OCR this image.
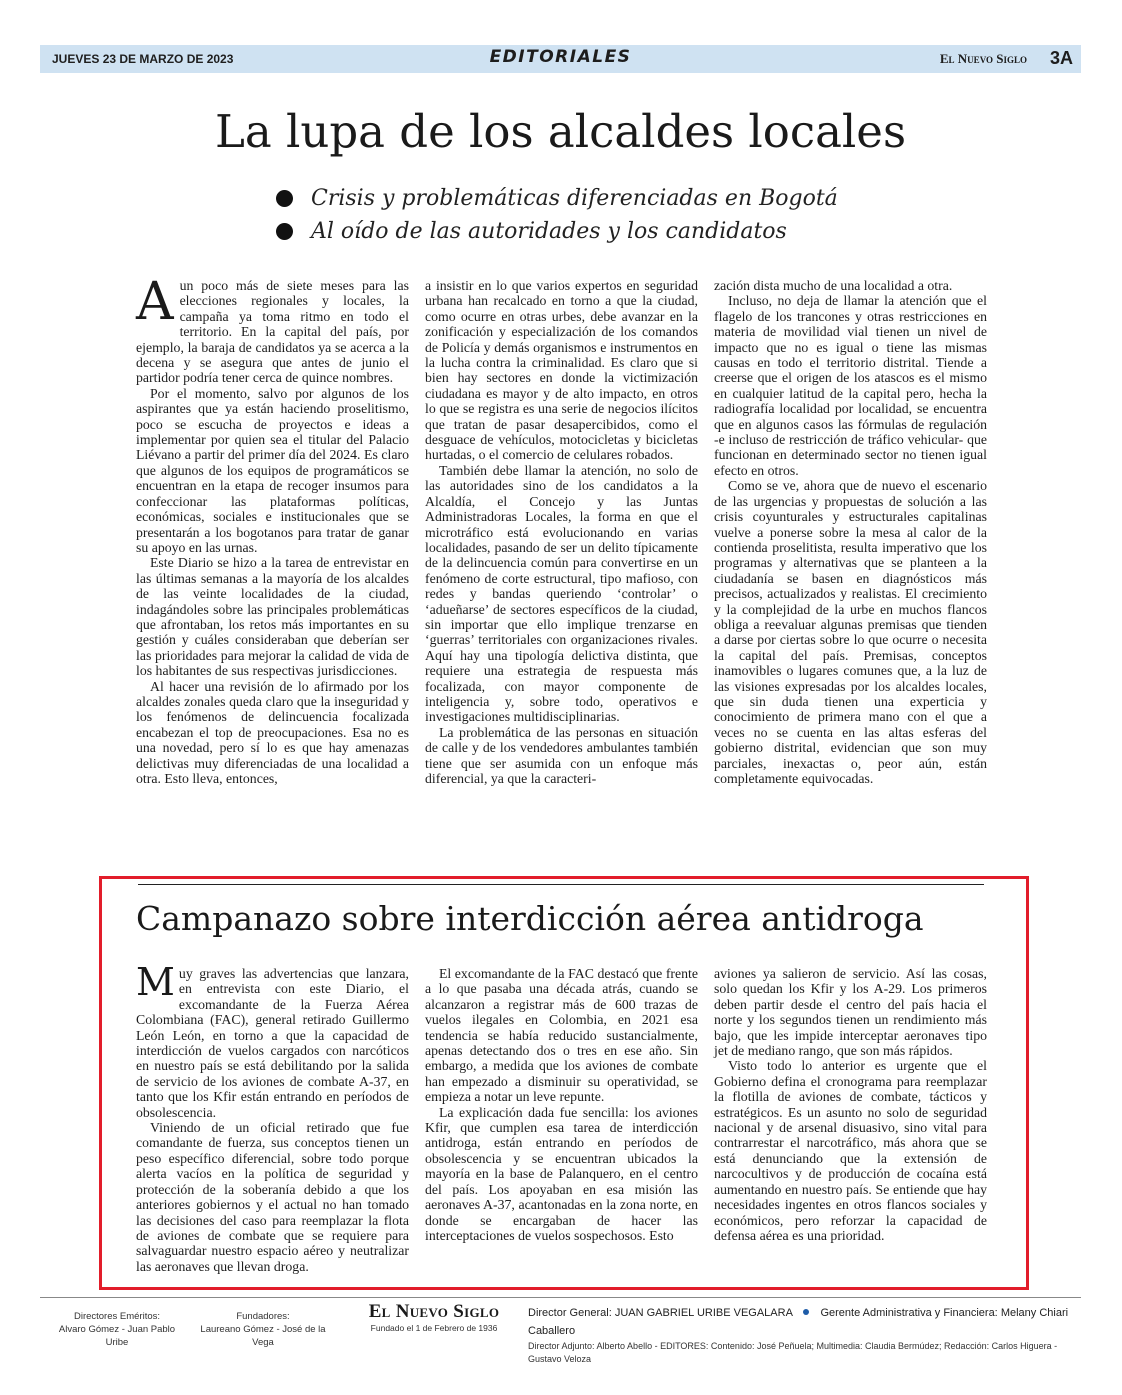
JUEVES 23 DE MARZO DE 2023	EDITORIALES	El Nuevo Siglo 3A
La lupa de los alcaldes locales
Crisis y problemáticas diferenciadas en Bogotá
Al oído de las autoridades y los candidatos

Aun poco más de siete meses para las elecciones regionales y locales, la campaña ya toma ritmo en todo el territorio. En la capital del país, por ejemplo, la baraja de candidatos ya se acerca a la decena y se asegura que antes de junio el partidor podría tener cerca de quince nombres.

Por el momento, salvo por algunos de los aspirantes que ya están haciendo proselitismo, poco se escucha de proyectos e ideas a implementar por quien sea el titular del Palacio Liévano a partir del primer día del 2024. Es claro que algunos de los equipos de programáticos se encuentran en la etapa de recoger insumos para confeccionar las plataformas políticas, económicas, sociales e institucionales que se presentarán a los bogotanos para tratar de ganar su apoyo en las urnas.

Este Diario se hizo a la tarea de entrevistar en las últimas semanas a la mayoría de los alcaldes de las veinte localidades de la ciudad, indagándoles sobre las principales problemáticas que afrontaban, los retos más importantes en su gestión y cuáles consideraban que deberían ser las prioridades para mejorar la calidad de vida de los habitantes de sus respectivas jurisdicciones.

Al hacer una revisión de lo afirmado por los alcaldes zonales queda claro que la inseguridad y los fenómenos de delincuencia focalizada encabezan el top de preocupaciones. Esa no es una novedad, pero sí lo es que hay amenazas delictivas muy diferenciadas de una localidad a otra. Esto lleva, entonces,

a insistir en lo que varios expertos en seguridad urbana han recalcado en torno a que la ciudad, como ocurre en otras urbes, debe avanzar en la zonificación y especialización de los comandos de Policía y demás organismos e instrumentos en la lucha contra la criminalidad. Es claro que si bien hay sectores en donde la victimización ciudadana es mayor y de alto impacto, en otros lo que se registra es una serie de negocios ilícitos que tratan de pasar desapercibidos, como el desguace de vehículos, motocicletas y bicicletas hurtadas, o el comercio de celulares robados.

También debe llamar la atención, no solo de las autoridades sino de los candidatos a la Alcaldía, el Concejo y las Juntas Administradoras Locales, la forma en que el microtráfico está evolucionando en varias localidades, pasando de ser un delito típicamente de la delincuencia común para convertirse en un fenómeno de corte estructural, tipo mafioso, con redes y bandas queriendo ‘controlar’ o ‘adueñarse’ de sectores específicos de la ciudad, sin importar que ello implique trenzarse en ‘guerras’ territoriales con organizaciones rivales. Aquí hay una tipología delictiva distinta, que requiere una estrategia de respuesta más focalizada, con mayor componente de inteligencia y, sobre todo, operativos e investigaciones multidisciplinarias.

La problemática de las personas en situación de calle y de los vendedores ambulantes también tiene que ser asumida con un enfoque más diferencial, ya que la caracteri-

zación dista mucho de una localidad a otra.

Incluso, no deja de llamar la atención que el flagelo de los trancones y otras restricciones en materia de movilidad vial tienen un nivel de impacto que no es igual o tiene las mismas causas en todo el territorio distrital. Tiende a creerse que el origen de los atascos es el mismo en cualquier latitud de la capital pero, hecha la radiografía localidad por localidad, se encuentra que en algunos casos las fórmulas de regulación -e incluso de restricción de tráfico vehicular- que funcionan en determinado sector no tienen igual efecto en otros.

Como se ve, ahora que de nuevo el escenario de las urgencias y propuestas de solución a las crisis coyunturales y estructurales capitalinas vuelve a ponerse sobre la mesa al calor de la contienda proselitista, resulta imperativo que los programas y alternativas que se planteen a la ciudadanía se basen en diagnósticos más precisos, actualizados y realistas. El crecimiento y la complejidad de la urbe en muchos flancos obliga a reevaluar algunas premisas que tienden a darse por ciertas sobre lo que ocurre o necesita la capital del país. Premisas, conceptos inamovibles o lugares comunes que, a la luz de las visiones expresadas por los alcaldes locales, que sin duda tienen una experticia y conocimiento de primera mano con el que a veces no se cuenta en las altas esferas del gobierno distrital, evidencian que son muy parciales, inexactas o, peor aún, están completamente equivocadas.

Campanazo sobre interdicción aérea antidroga

Muy graves las advertencias que lanzara, en entrevista con este Diario, el excomandante de la Fuerza Aérea Colombiana (FAC), general retirado Guillermo León León, en torno a que la capacidad de interdicción de vuelos cargados con narcóticos en nuestro país se está debilitando por la salida de servicio de los aviones de combate A-37, en tanto que los Kfir están entrando en períodos de obsolescencia.

Viniendo de un oficial retirado que fue comandante de fuerza, sus conceptos tienen un peso específico diferencial, sobre todo porque alerta vacíos en la política de seguridad y protección de la soberanía debido a que los anteriores gobiernos y el actual no han tomado las decisiones del caso para reemplazar la flota de aviones de combate que se requiere para salvaguardar nuestro espacio aéreo y neutralizar las aeronaves que llevan droga.

El excomandante de la FAC destacó que frente a lo que pasaba una década atrás, cuando se alcanzaron a registrar más de 600 trazas de vuelos ilegales en Colombia, en 2021 esa tendencia se había reducido sustancialmente, apenas detectando dos o tres en ese año. Sin embargo, a medida que los aviones de combate han empezado a disminuir su operatividad, se empieza a notar un leve repunte.

La explicación dada fue sencilla: los aviones Kfir, que cumplen esa tarea de interdicción antidroga, están entrando en períodos de obsolescencia y se encuentran ubicados la mayoría en la base de Palanquero, en el centro del país. Los apoyaban en esa misión las aeronaves A-37, acantonadas en la zona norte, en donde se encargaban de hacer las interceptaciones de vuelos sospechosos. Esto

aviones ya salieron de servicio. Así las cosas, solo quedan los Kfir y los A-29. Los primeros deben partir desde el centro del país hacia el norte y los segundos tienen un rendimiento más bajo, que les impide interceptar aeronaves tipo jet de mediano rango, que son más rápidos.

Visto todo lo anterior es urgente que el Gobierno defina el cronograma para reemplazar la flotilla de aviones de combate, tácticos y estratégicos. Es un asunto no solo de seguridad nacional y de arsenal disuasivo, sino vital para contrarrestar el narcotráfico, más ahora que se está denunciando que la extensión de narcocultivos y de producción de cocaína está aumentando en nuestro país. Se entiende que hay necesidades ingentes en otros flancos sociales y económicos, pero reforzar la capacidad de defensa aérea es una prioridad.

Directores Eméritos:
Alvaro Gómez - Juan Pablo Uribe
Fundadores:
Laureano Gómez - José de la Vega
El Nuevo Siglo
Fundado el 1 de Febrero de 1936
Director General: JUAN GABRIEL URIBE VEGALARA	Gerente Administrativa y Financiera: Melany Chiari Caballero
Director Adjunto: Alberto Abello - EDITORES: Contenido: José Peñuela; Multimedia: Claudia Bermúdez; Redacción: Carlos Higuera - Gustavo Veloza
